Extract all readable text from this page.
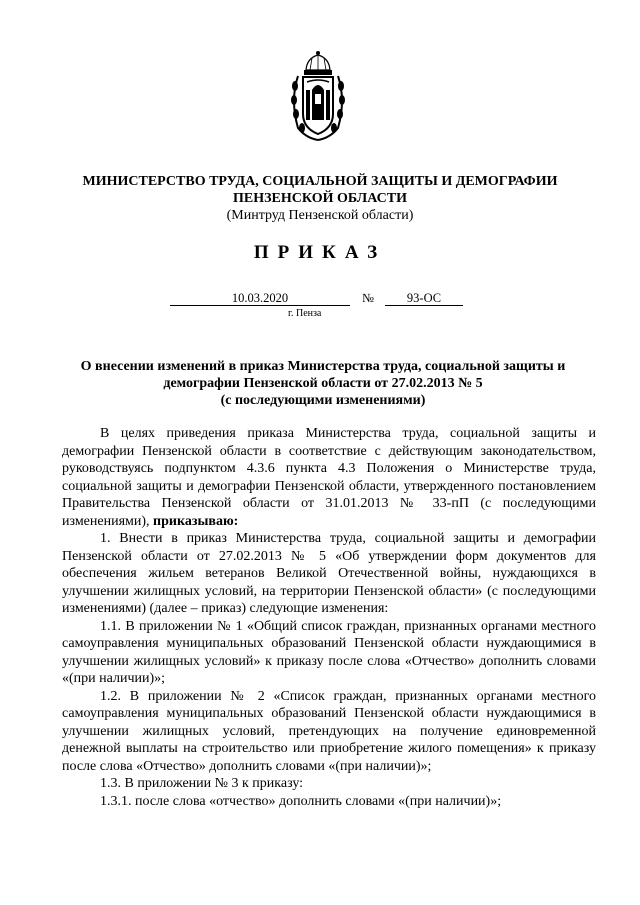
МИНИСТЕРСТВО ТРУДА, СОЦИАЛЬНОЙ ЗАЩИТЫ И ДЕМОГРАФИИ
ПЕНЗЕНСКОЙ ОБЛАСТИ
(Минтруд Пензенской области)
ПРИКАЗ
10.03.2020	№	93-ОС
г. Пенза
О внесении изменений в приказ Министерства труда, социальной защиты и
демографии Пензенской области от 27.02.2013 № 5
(с последующими изменениями)

В целях приведения приказа Министерства труда, социальной защиты и демографии Пензенской области в соответствие с действующим законодательством, руководствуясь подпунктом 4.3.6 пункта 4.3 Положения о Министерстве труда, социальной защиты и демографии Пензенской области, утвержденного постановлением Правительства Пензенской области от 31.01.2013 № 33-пП (с последующими изменениями), приказываю:

1. Внести в приказ Министерства труда, социальной защиты и демографии Пензенской области от 27.02.2013 № 5 «Об утверждении форм документов для обеспечения жильем ветеранов Великой Отечественной войны, нуждающихся в улучшении жилищных условий, на территории Пензенской области» (с последующими изменениями) (далее – приказ) следующие изменения:

1.1. В приложении № 1 «Общий список граждан, признанных органами местного самоуправления муниципальных образований Пензенской области нуждающимися в улучшении жилищных условий» к приказу после слова «Отчество» дополнить словами «(при наличии)»;

1.2. В приложении № 2 «Список граждан, признанных органами местного самоуправления муниципальных образований Пензенской области нуждающимися в улучшении жилищных условий, претендующих на получение единовременной денежной выплаты на строительство или приобретение жилого помещения» к приказу после слова «Отчество» дополнить словами «(при наличии)»;

1.3. В приложении № 3 к приказу:

1.3.1. после слова «отчество» дополнить словами «(при наличии)»;
